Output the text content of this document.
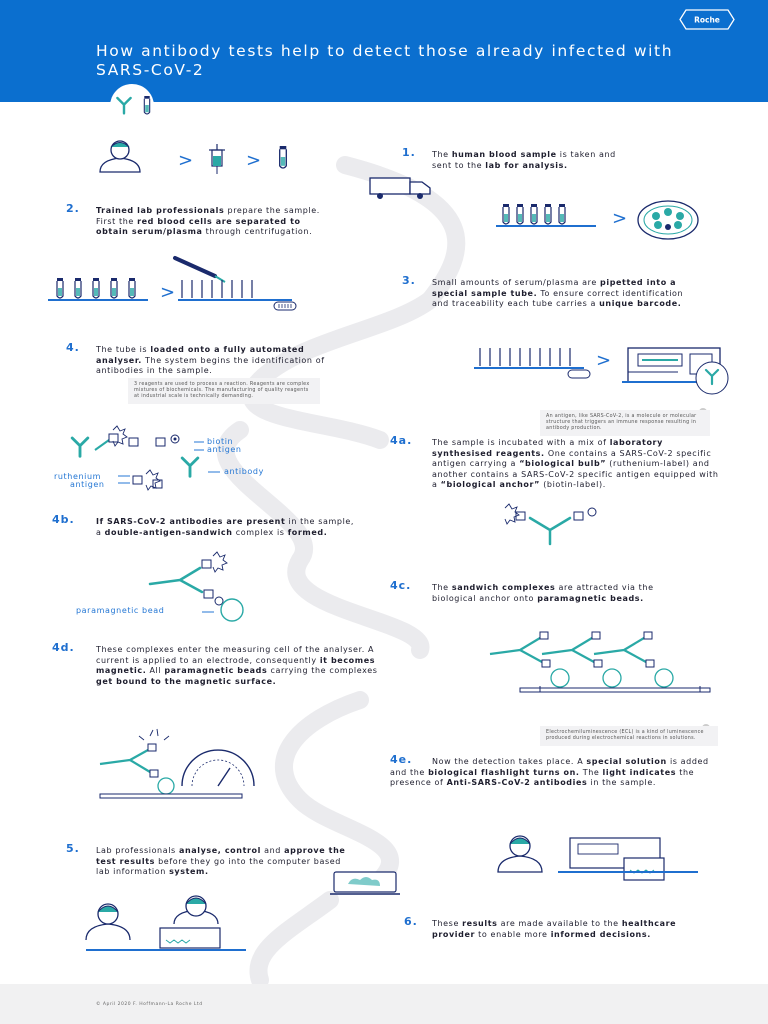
How antibody tests help to detect those already infected with SARS-CoV-2
Roche
>	>
>
>
>
1. The human blood sample is taken and sent to the lab for analysis.
2. Trained lab professionals prepare the sample. First the red blood cells are separated to obtain serum/plasma through centrifugation.
3. Small amounts of serum/plasma are pipetted into a special sample tube. To ensure correct identification and traceability each tube carries a unique barcode.
4. The tube is loaded onto a fully automated analyser. The system begins the identification of antibodies in the sample.
3 reagents are used to process a reaction. Reagents are complex mixtures of biochemicals. The manufacturing of quality reagents at industrial scale is technically demanding.
An antigen, like SARS-CoV-2, is a molecule or molecular structure that triggers an immune response resulting in antibody production.
4a. The sample is incubated with a mix of laboratory synthesised reagents. One contains a SARS-CoV-2 specific antigen carrying a “biological bulb” (ruthenium-label) and another contains a SARS-CoV-2 specific antigen equipped with a “biological anchor” (biotin-label).
biotin
antigen
antibody
ruthenium
antigen
4b.	If SARS-CoV-2 antibodies are present in the sample, a double-antigen-sandwich complex is formed.
paramagnetic bead
4c.	The sandwich complexes are attracted via the biological anchor onto paramagnetic beads.
4d.	These complexes enter the measuring cell of the analyser. A current is applied to an electrode, consequently it becomes magnetic. All paramagnetic beads carrying the complexes get bound to the magnetic surface.
Electrochemiluminescence (ECL) is a kind of luminescence produced during electrochemical reactions in solutions.
4e.	Now the detection takes place. A special solution is added and the biological flashlight turns on. The light indicates the presence of Anti-SARS-CoV-2 antibodies in the sample.
5. Lab professionals analyse, control and approve the test results before they go into the computer based lab information system.
6. These results are made available to the healthcare provider to enable more informed decisions.
© April 2020 F. Hoffmann-La Roche Ltd
